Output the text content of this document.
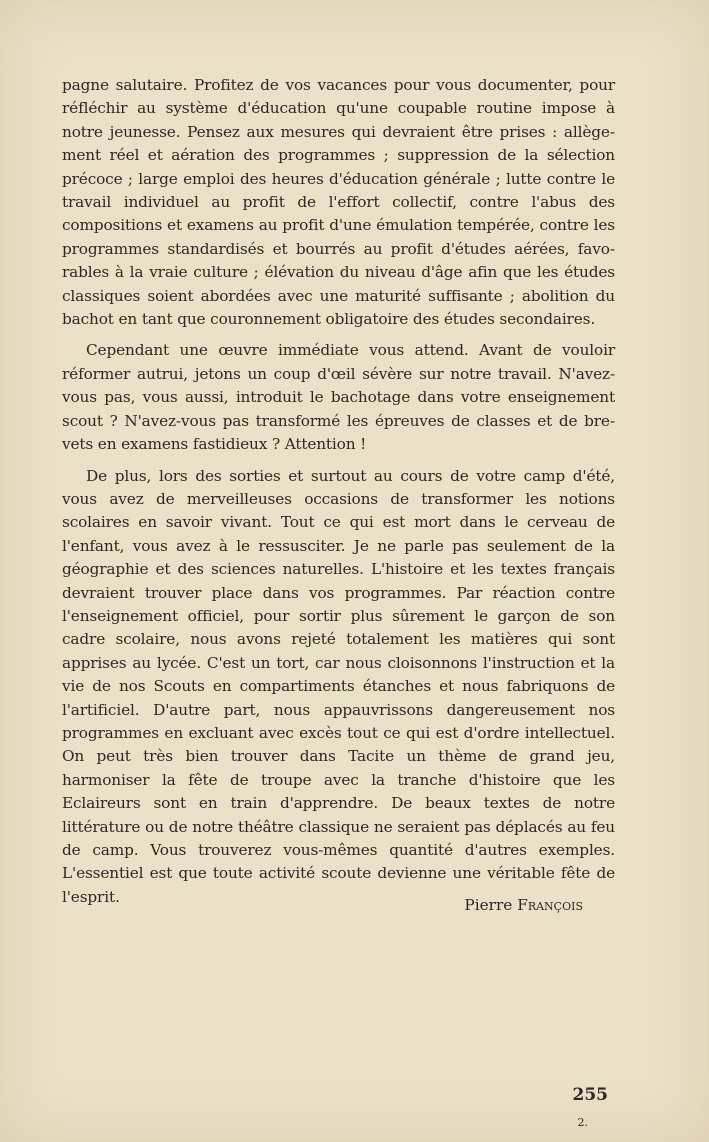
pagne salutaire. Profitez de vos vacances pour vous documenter, pour réfléchir au système d'éducation qu'une coupable routine impose à notre jeunesse. Pensez aux mesures qui devraient être prises : allègement réel et aération des programmes ; suppression de la sélection précoce ; large emploi des heures d'éducation générale ; lutte contre le travail individuel au profit de l'effort collectif, contre l'abus des compositions et examens au profit d'une émulation tempérée, contre les programmes standardisés et bourrés au profit d'études aérées, favorables à la vraie culture ; élévation du niveau d'âge afin que les études classiques soient abordées avec une maturité suffisante ; abolition du bachot en tant que couronnement obligatoire des études secondaires.

Cependant une œuvre immédiate vous attend. Avant de vouloir réformer autrui, jetons un coup d'œil sévère sur notre travail. N'avez-vous pas, vous aussi, introduit le bachotage dans votre enseignement scout ? N'avez-vous pas transformé les épreuves de classes et de brevets en examens fastidieux ? Attention !

De plus, lors des sorties et surtout au cours de votre camp d'été, vous avez de merveilleuses occasions de transformer les notions scolaires en savoir vivant. Tout ce qui est mort dans le cerveau de l'enfant, vous avez à le ressusciter. Je ne parle pas seulement de la géographie et des sciences naturelles. L'histoire et les textes français devraient trouver place dans vos programmes. Par réaction contre l'enseignement officiel, pour sortir plus sûrement le garçon de son cadre scolaire, nous avons rejeté totalement les matières qui sont apprises au lycée. C'est un tort, car nous cloisonnons l'instruction et la vie de nos Scouts en compartiments étanches et nous fabriquons de l'artificiel. D'autre part, nous appauvrissons dangereusement nos programmes en excluant avec excès tout ce qui est d'ordre intellectuel. On peut très bien trouver dans Tacite un thème de grand jeu, harmoniser la fête de troupe avec la tranche d'histoire que les Eclaireurs sont en train d'apprendre. De beaux textes de notre littérature ou de notre théâtre classique ne seraient pas déplacés au feu de camp. Vous trouverez vous-mêmes quantité d'autres exemples. L'essentiel est que toute activité scoute devienne une véritable fête de l'esprit.	Pierre François
255
2.
